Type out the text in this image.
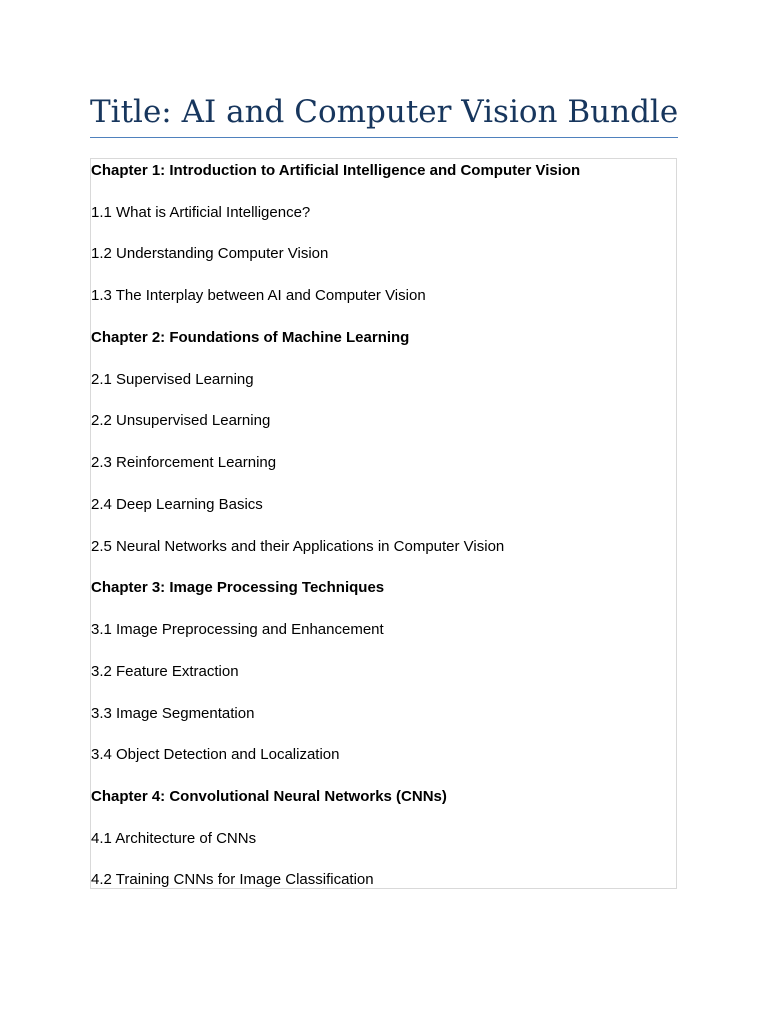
Title: AI and Computer Vision Bundle
Chapter 1: Introduction to Artificial Intelligence and Computer Vision
1.1 What is Artificial Intelligence?
1.2 Understanding Computer Vision
1.3 The Interplay between AI and Computer Vision
Chapter 2: Foundations of Machine Learning
2.1 Supervised Learning
2.2 Unsupervised Learning
2.3 Reinforcement Learning
2.4 Deep Learning Basics
2.5 Neural Networks and their Applications in Computer Vision
Chapter 3: Image Processing Techniques
3.1 Image Preprocessing and Enhancement
3.2 Feature Extraction
3.3 Image Segmentation
3.4 Object Detection and Localization
Chapter 4: Convolutional Neural Networks (CNNs)
4.1 Architecture of CNNs
4.2 Training CNNs for Image Classification
